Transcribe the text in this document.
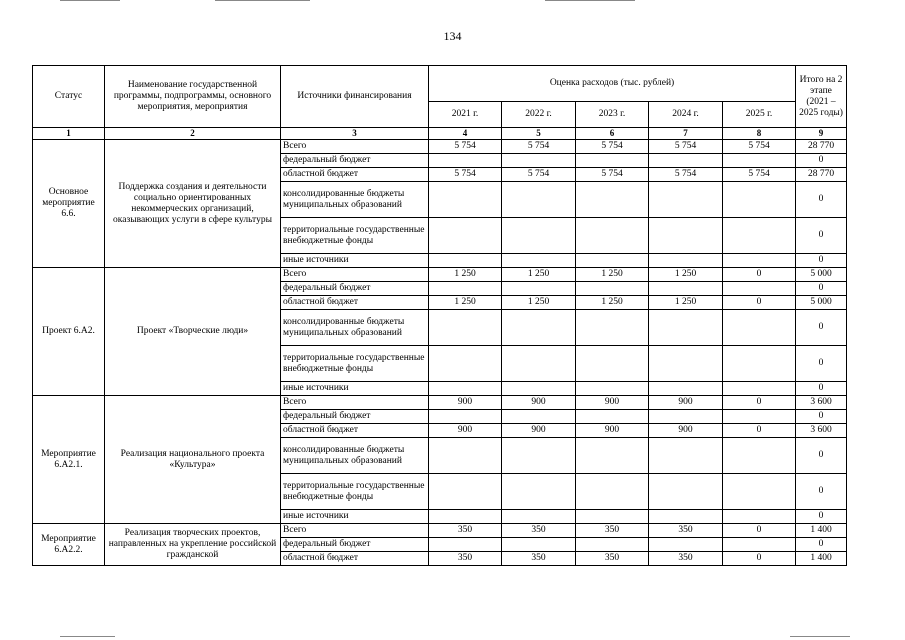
134
Статус	Наименование государственной программы, подпрограммы, основного мероприятия, мероприятия	Источники финансирования	Оценка расходов (тыс. рублей)					Итого на 2 этапе (2021 – 2025 годы)
			2021 г.	2022 г.	2023 г.	2024 г.	2025 г.	
1	2	3	4	5	6	7	8	9
Основное мероприятие 6.6.	Поддержка создания и деятельности социально ориентированных некоммерческих организаций, оказывающих услуги в сфере культуры	Всего	5 754	5 754	5 754	5 754	5 754	28 770
		федеральный бюджет						0
		областной бюджет	5 754	5 754	5 754	5 754	5 754	28 770
		консолидированные бюджеты муниципальных образований						0
		территориальные государственные внебюджетные фонды						0
		иные источники						0
Проект 6.А2.	Проект «Творческие люди»	Всего	1 250	1 250	1 250	1 250	0	5 000
		федеральный бюджет						0
		областной бюджет	1 250	1 250	1 250	1 250	0	5 000
		консолидированные бюджеты муниципальных образований						0
		территориальные государственные внебюджетные фонды						0
		иные источники						0
Мероприятие 6.А2.1.	Реализация национального проекта «Культура»	Всего	900	900	900	900	0	3 600
		федеральный бюджет						0
		областной бюджет	900	900	900	900	0	3 600
		консолидированные бюджеты муниципальных образований						0
		территориальные государственные внебюджетные фонды						0
		иные источники						0
Мероприятие 6.А2.2.	Реализация творческих проектов, направленных на укрепление российской гражданской	Всего	350	350	350	350	0	1 400
		федеральный бюджет						0
		областной бюджет	350	350	350	350	0	1 400
